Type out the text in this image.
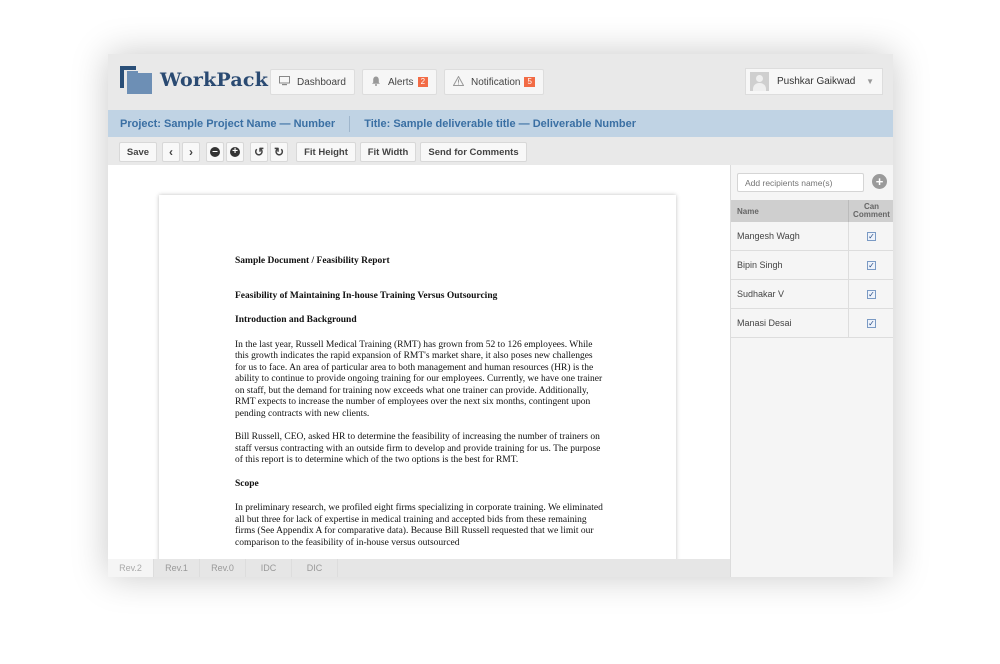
WorkPack	Dashboard	Alerts 2	Notification 5	Pushkar Gaikwad ▼
Project: Sample Project Name — Number	Title: Sample deliverable title — Deliverable Number
Save	‹ › – + ↺ ↻	Fit Height	Fit Width	Send for Comments
Sample Document / Feasibility Report
Feasibility of Maintaining In-house Training Versus Outsourcing
Introduction and Background
In the last year, Russell Medical Training (RMT) has grown from 52 to 126 employees. While this growth indicates the rapid expansion of RMT's market share, it also poses new challenges for us to face. An area of particular area to both management and human resources (HR) is the ability to continue to provide ongoing training for our employees. Currently, we have one trainer on staff, but the demand for training now exceeds what one trainer can provide. Additionally, RMT expects to increase the number of employees over the next six months, contingent upon pending contracts with new clients.
Bill Russell, CEO, asked HR to determine the feasibility of increasing the number of trainers on staff versus contracting with an outside firm to develop and provide training for us. The purpose of this report is to determine which of the two options is the best for RMT.
Scope
In preliminary research, we profiled eight firms specializing in corporate training. We eliminated all but three for lack of expertise in medical training and accepted bids from these remaining firms (See Appendix A for comparative data). Because Bill Russell requested that we limit our comparison to the feasibility of in-house versus outsourced
Rev.2	Rev.1	Rev.0	IDC	DIC
Add recipients name(s)
+
Name	Can Comment
Mangesh Wagh	✓
Bipin Singh	✓
Sudhakar V	✓
Manasi Desai	✓
